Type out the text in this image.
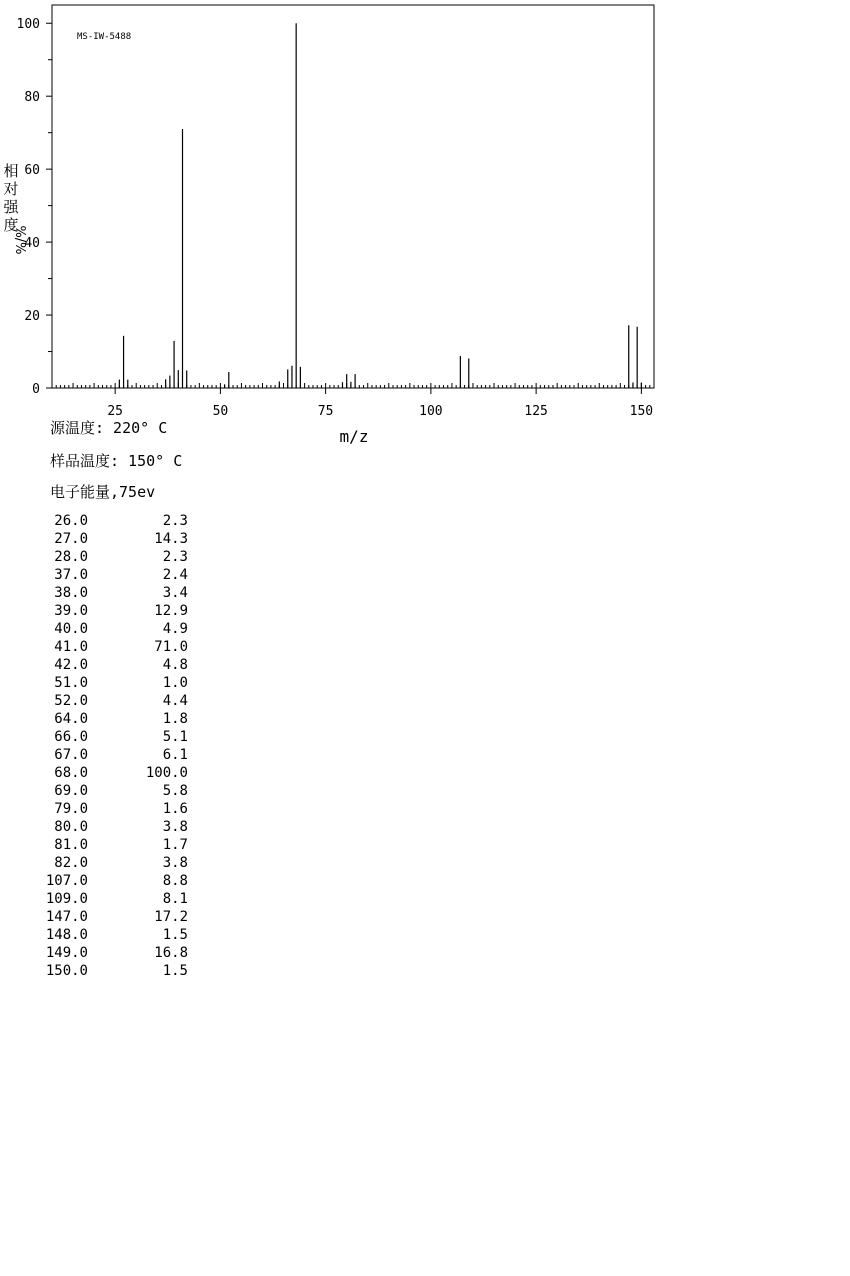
0
20
40
60
80
100
25	50	75	100	125	150
MS-IW-5488
m/z
相
对
强
度
%/%
源温度: 220° C
样品温度: 150° C
电子能量,75ev
26.0	2.3
27.0	14.3
28.0	2.3
37.0	2.4
38.0	3.4
39.0	12.9
40.0	4.9
41.0	71.0
42.0	4.8
51.0	1.0
52.0	4.4
64.0	1.8
66.0	5.1
67.0	6.1
68.0	100.0
69.0	5.8
79.0	1.6
80.0	3.8
81.0	1.7
82.0	3.8
107.0	8.8
109.0	8.1
147.0	17.2
148.0	1.5
149.0	16.8
150.0	1.5
